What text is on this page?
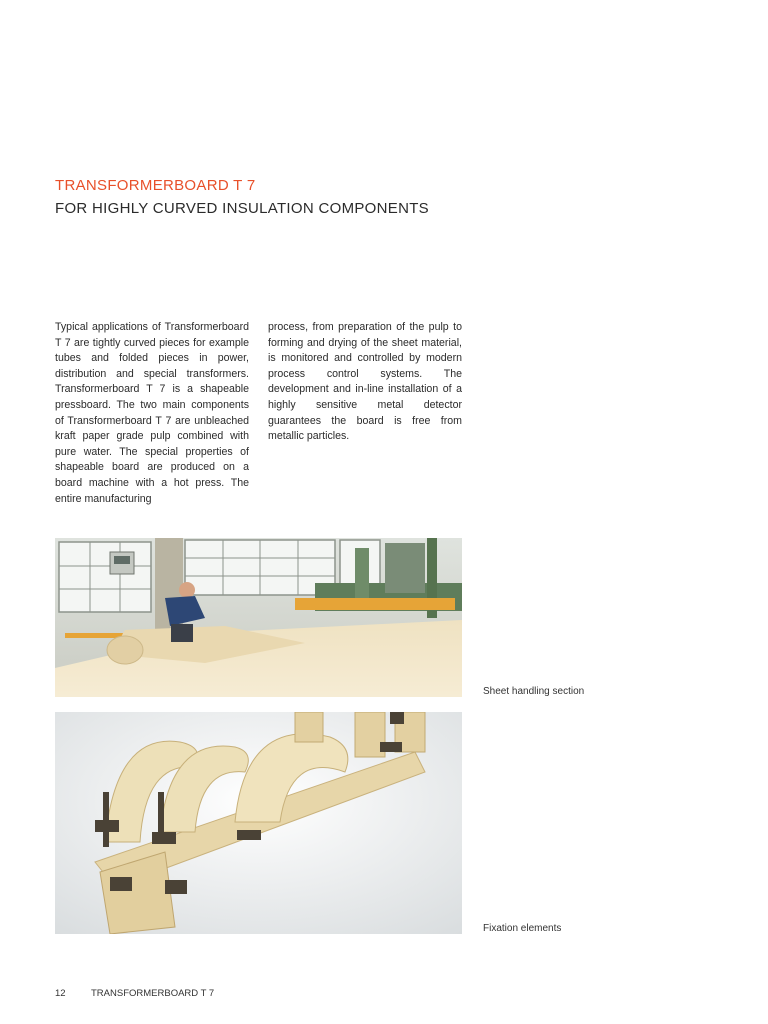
TRANSFORMERBOARD T 7
FOR HIGHLY CURVED INSULATION COMPONENTS

Typical applications of Transformerboard T 7 are tightly curved pieces for example tubes and folded pieces in power, distribution and special transformers. Transformerboard T 7 is a shapeable pressboard. The two main components of Transformerboard T 7 are unbleached kraft paper grade pulp combined with pure water. The special properties of shapeable board are produced on a board machine with a hot press. The entire manufacturing

process, from preparation of the pulp to forming and drying of the sheet material, is monitored and controlled by modern process control systems. The development and in-line installation of a highly sensitive metal detector guarantees the board is free from metallic particles.

Sheet handling section
Fixation elements
12	TRANSFORMERBOARD T 7
